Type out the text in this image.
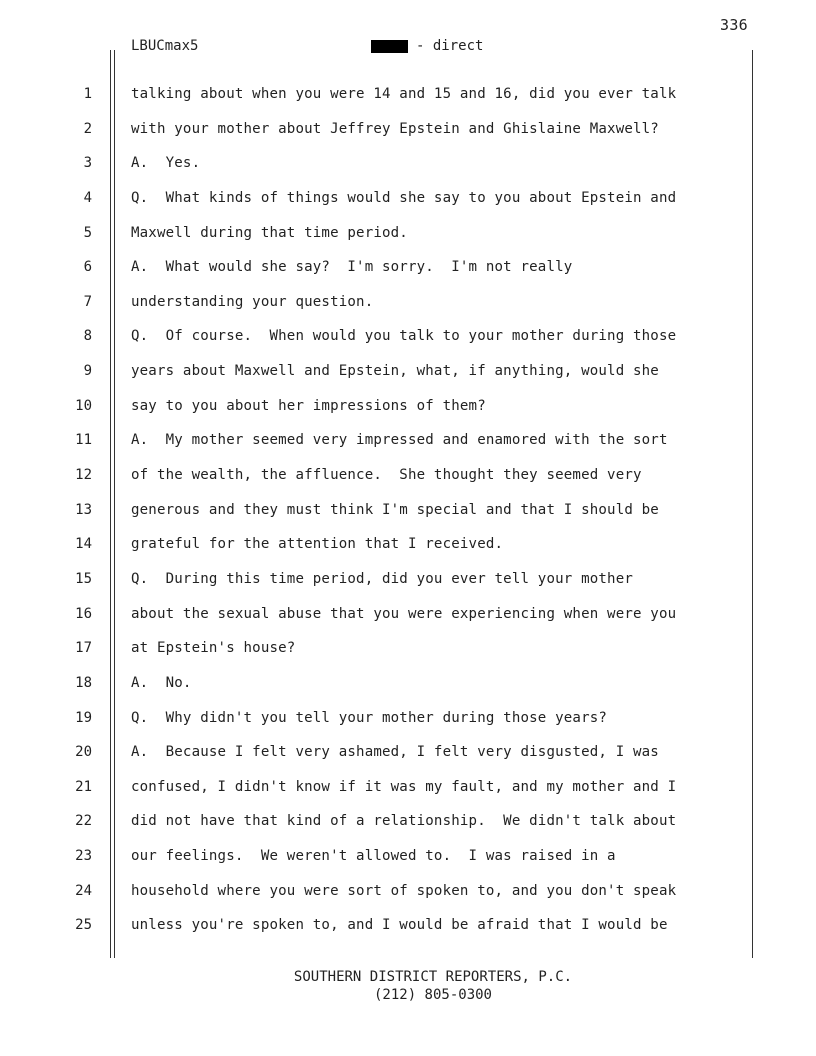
336
LBUCmax5	- direct
1	talking about when you were 14 and 15 and 16, did you ever talk
2	with your mother about Jeffrey Epstein and Ghislaine Maxwell?
3	A.  Yes.
4	Q.  What kinds of things would she say to you about Epstein and
5	Maxwell during that time period.
6	A.  What would she say?  I'm sorry.  I'm not really
7	understanding your question.
8	Q.  Of course.  When would you talk to your mother during those
9	years about Maxwell and Epstein, what, if anything, would she
10	say to you about her impressions of them?
11	A.  My mother seemed very impressed and enamored with the sort
12	of the wealth, the affluence.  She thought they seemed very
13	generous and they must think I'm special and that I should be
14	grateful for the attention that I received.
15	Q.  During this time period, did you ever tell your mother
16	about the sexual abuse that you were experiencing when were you
17	at Epstein's house?
18	A.  No.
19	Q.  Why didn't you tell your mother during those years?
20	A.  Because I felt very ashamed, I felt very disgusted, I was
21	confused, I didn't know if it was my fault, and my mother and I
22	did not have that kind of a relationship.  We didn't talk about
23	our feelings.  We weren't allowed to.  I was raised in a
24	household where you were sort of spoken to, and you don't speak
25	unless you're spoken to, and I would be afraid that I would be
SOUTHERN DISTRICT REPORTERS, P.C.
(212) 805-0300
